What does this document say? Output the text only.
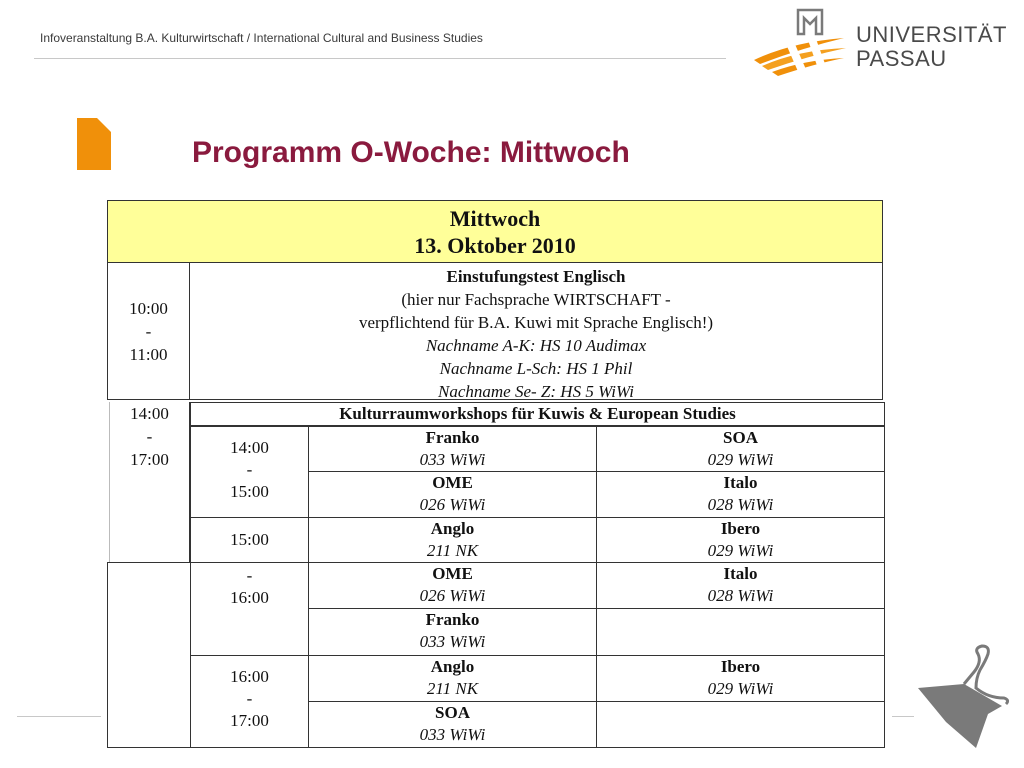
Infoveranstaltung B.A. Kulturwirtschaft / International Cultural and Business Studies	UNIVERSITÄT
PASSAU
Programm O-Woche: Mittwoch
Mittwoch
13. Oktober 2010
10:00
-
11:00
Einstufungstest Englisch
(hier nur Fachsprache WIRTSCHAFT -
verpflichtend für B.A. Kuwi mit Sprache Englisch!)
Nachname A-K: HS 10 Audimax
Nachname L-Sch: HS 1 Phil
Nachname Se- Z: HS 5 WiWi
14:00
-
17:00
Kulturraumworkshops für Kuwis & European Studies
14:00
-
15:00
15:00
-
16:00
16:00
-
17:00
Franko
033 WiWi
SOA
029 WiWi
OME
026 WiWi
Italo
028 WiWi
Anglo
211 NK
Ibero
029 WiWi
OME
026 WiWi
Italo
028 WiWi
Franko
033 WiWi
Anglo
211 NK
Ibero
029 WiWi
SOA
033 WiWi
